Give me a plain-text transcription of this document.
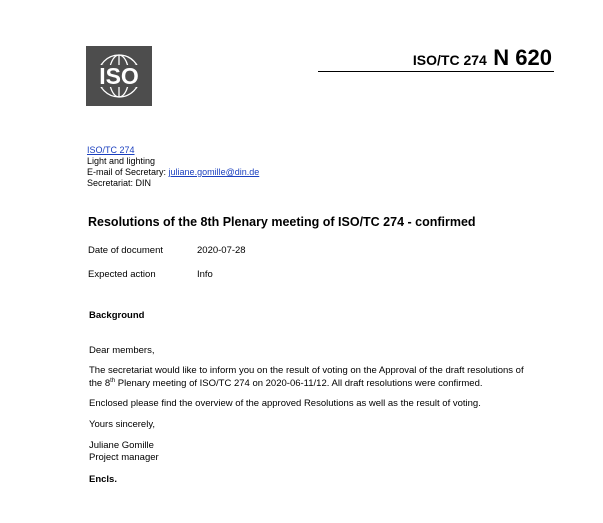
ISO
ISO/TC 274 N 620
ISO/TC 274
Light and lighting
E-mail of Secretary: juliane.gomille@din.de
Secretariat: DIN
Resolutions of the 8th Plenary meeting of ISO/TC 274 - confirmed
Date of document	2020-07-28
Expected action	Info
Background
Dear members,
The secretariat would like to inform you on the result of voting on the Approval of the draft resolutions of
the 8th Plenary meeting of ISO/TC 274 on 2020-06-11/12. All draft resolutions were confirmed.
Enclosed please find the overview of the approved Resolutions as well as the result of voting.
Yours sincerely,
Juliane Gomille
Project manager
Encls.
